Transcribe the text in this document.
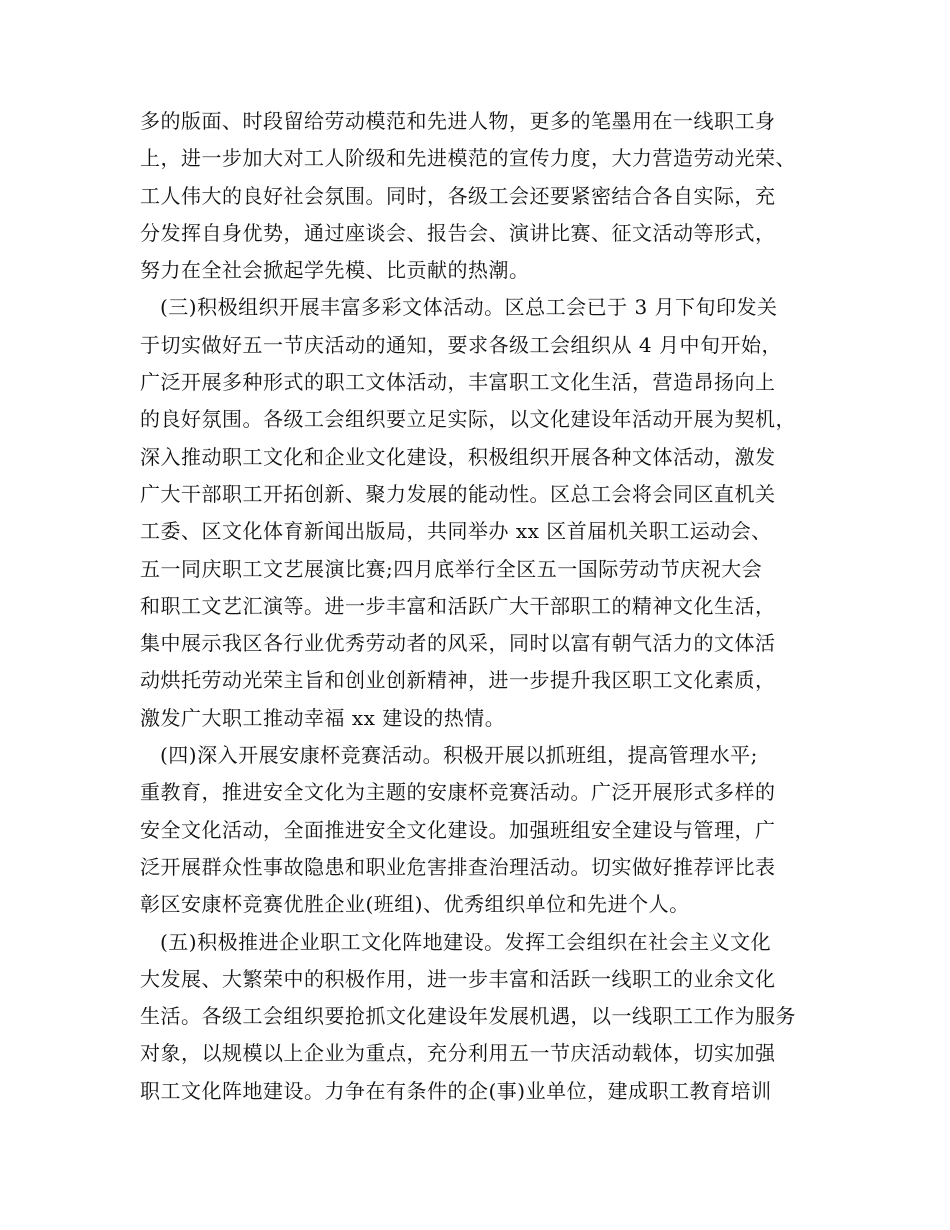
多的版面、时段留给劳动模范和先进人物，更多的笔墨用在一线职工身
上，进一步加大对工人阶级和先进模范的宣传力度，大力营造劳动光荣、
工人伟大的良好社会氛围。同时，各级工会还要紧密结合各自实际，充
分发挥自身优势，通过座谈会、报告会、演讲比赛、征文活动等形式，
努力在全社会掀起学先模、比贡献的热潮。
(三)积极组织开展丰富多彩文体活动。区总工会已于 3 月下旬印发关
于切实做好五一节庆活动的通知，要求各级工会组织从 4 月中旬开始，
广泛开展多种形式的职工文体活动，丰富职工文化生活，营造昂扬向上
的良好氛围。各级工会组织要立足实际，以文化建设年活动开展为契机，
深入推动职工文化和企业文化建设，积极组织开展各种文体活动，激发
广大干部职工开拓创新、聚力发展的能动性。区总工会将会同区直机关
工委、区文化体育新闻出版局，共同举办 xx 区首届机关职工运动会、
五一同庆职工文艺展演比赛;四月底举行全区五一国际劳动节庆祝大会
和职工文艺汇演等。进一步丰富和活跃广大干部职工的精神文化生活，
集中展示我区各行业优秀劳动者的风采，同时以富有朝气活力的文体活
动烘托劳动光荣主旨和创业创新精神，进一步提升我区职工文化素质，
激发广大职工推动幸福 xx 建设的热情。
(四)深入开展安康杯竞赛活动。积极开展以抓班组，提高管理水平;
重教育，推进安全文化为主题的安康杯竞赛活动。广泛开展形式多样的
安全文化活动，全面推进安全文化建设。加强班组安全建设与管理，广
泛开展群众性事故隐患和职业危害排查治理活动。切实做好推荐评比表
彰区安康杯竞赛优胜企业(班组)、优秀组织单位和先进个人。
(五)积极推进企业职工文化阵地建设。发挥工会组织在社会主义文化
大发展、大繁荣中的积极作用，进一步丰富和活跃一线职工的业余文化
生活。各级工会组织要抢抓文化建设年发展机遇，以一线职工工作为服务
对象，以规模以上企业为重点，充分利用五一节庆活动载体，切实加强
职工文化阵地建设。力争在有条件的企(事)业单位，建成职工教育培训
